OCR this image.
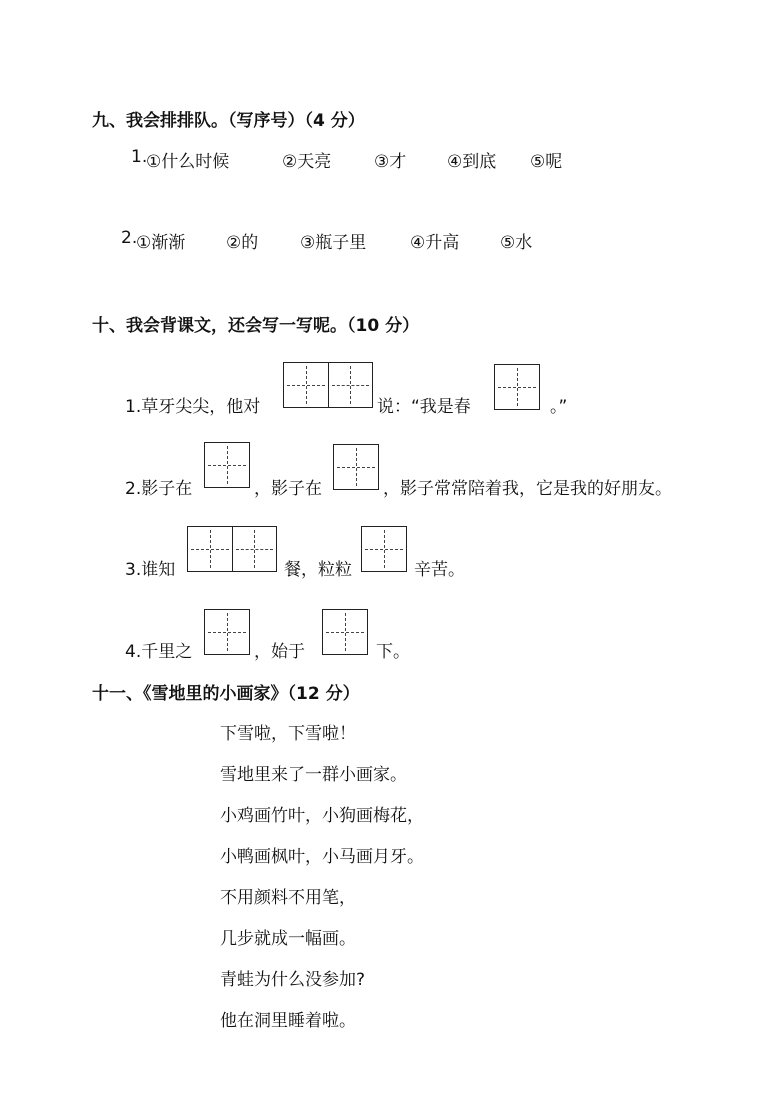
九、我会排排队。（写序号）（4 分）
1.
①什么时候	②天亮	③才 ④到底 ⑤呢
2.
①渐渐 ②的 ③瓶子里	④升高 ⑤水
十、我会背课文，还会写一写呢。（10 分）
1.草牙尖尖，他对	说：“我是春	。”
2.影子在	，影子在	，影子常常陪着我，它是我的好朋友。
3.谁知	餐，粒粒	辛苦。
4.千里之	，始于	下。
十一、《雪地里的小画家》（12 分）
下雪啦，下雪啦！
雪地里来了一群小画家。
小鸡画竹叶，小狗画梅花，
小鸭画枫叶，小马画月牙。
不用颜料不用笔，
几步就成一幅画。
青蛙为什么没参加?
他在洞里睡着啦。
